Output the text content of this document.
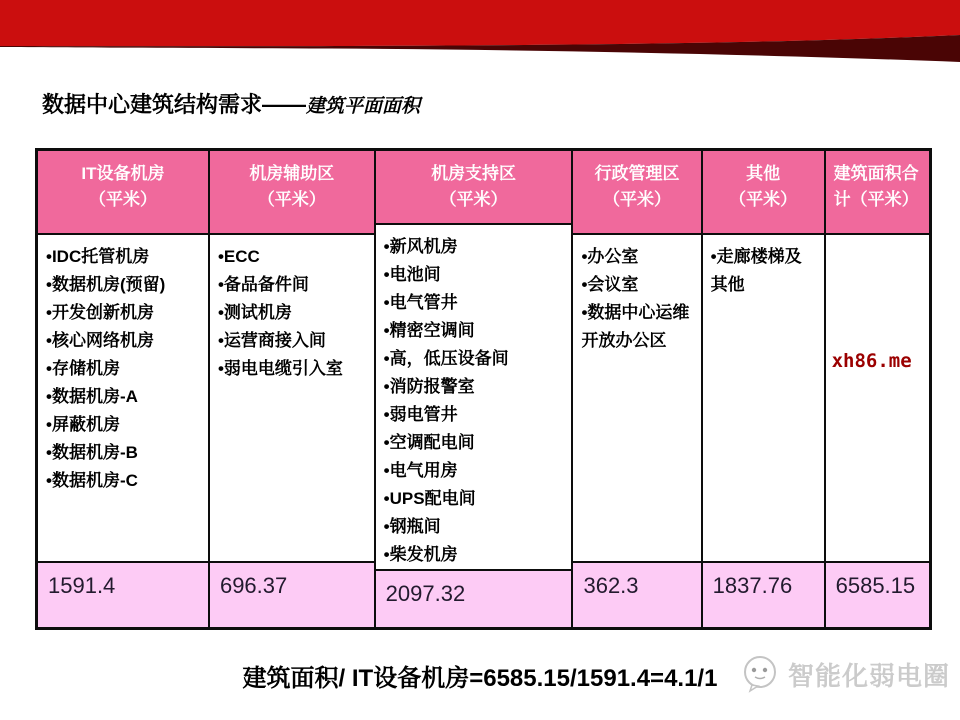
数据中心建筑结构需求——建筑平面面积
IT设备机房
（平米）
•IDC托管机房
•数据机房(预留)
•开发创新机房
•核心网络机房
•存储机房
•数据机房-A
•屏蔽机房
•数据机房-B
•数据机房-C
1591.4
机房辅助区
（平米）
•ECC
•备品备件间
•测试机房
•运营商接入间
•弱电电缆引入室
696.37
机房支持区
（平米）
•新风机房
•电池间
•电气管井
•精密空调间
•高，低压设备间
•消防报警室
•弱电管井
•空调配电间
•电气用房
•UPS配电间
•钢瓶间
•柴发机房
2097.32
行政管理区
（平米）
•办公室
•会议室
•数据中心运维开放办公区
362.3
其他
（平米）
•走廊楼梯及其他
1837.76
建筑面积合计（平米）
xh86.me
6585.15
建筑面积/ IT设备机房=6585.15/1591.4=4.1/1	智能化弱电圈
